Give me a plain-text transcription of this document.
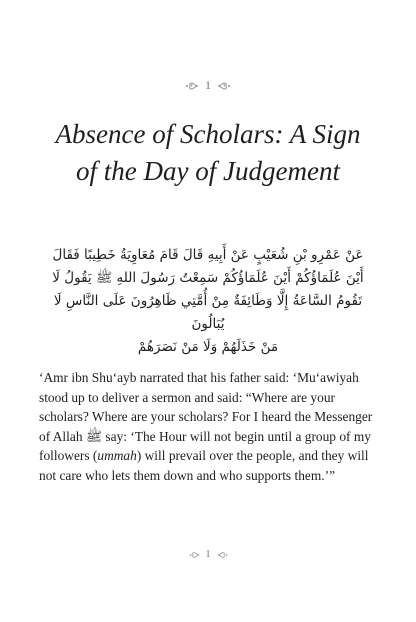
1
Absence of Scholars: A Sign
of the Day of Judgement

عَنْ عَمْرِو بْنِ شُعَيْبٍ عَنْ أَبِيهِ قَالَ قَامَ مُعَاوِيَةُ خَطِيبًا فَقَالَ
أَيْنَ عُلَمَاؤُكُمْ أَيْنَ عُلَمَاؤُكُمْ سَمِعْتُ رَسُولَ اللهِ ﷺ يَقُولُ لَا
تَقُومُ السَّاعَةُ إِلَّا وَطَائِفَةٌ مِنْ أُمَّتِي ظَاهِرُونَ عَلَى النَّاسِ لَا يُبَالُونَ
مَنْ خَذَلَهُمْ وَلَا مَنْ نَصَرَهُمْ

‘Amr ibn Shu‘ayb narrated that his father said: ‘Mu‘awiyah stood up to deliver a sermon and said: “Where are your scholars? Where are your scholars? For I heard the Messenger of Allah ﷺ say: ‘The Hour will not begin until a group of my followers (ummah) will prevail over the people, and they will not care who lets them down and who supports them.’”

1
